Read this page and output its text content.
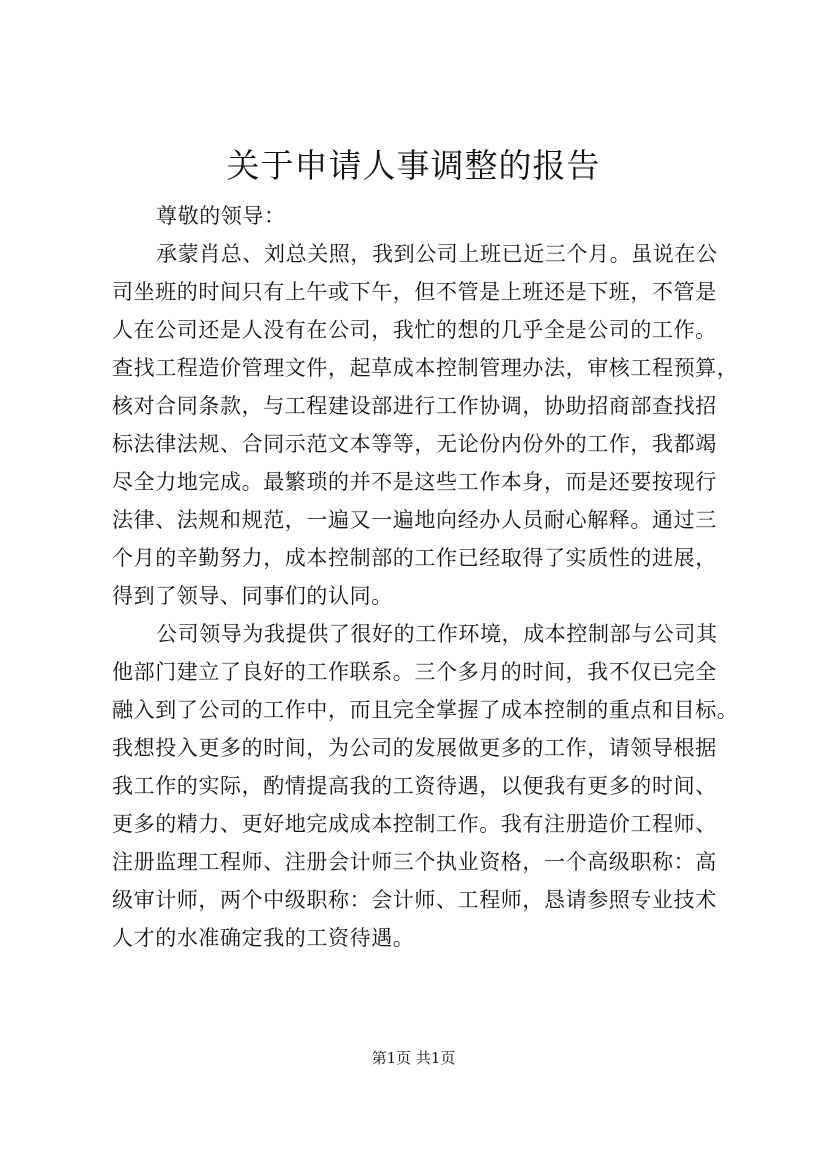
关于申请人事调整的报告
尊敬的领导：
承蒙肖总、刘总关照，我到公司上班已近三个月。虽说在公
司坐班的时间只有上午或下午，但不管是上班还是下班，不管是
人在公司还是人没有在公司，我忙的想的几乎全是公司的工作。
查找工程造价管理文件，起草成本控制管理办法，审核工程预算，
核对合同条款，与工程建设部进行工作协调，协助招商部查找招
标法律法规、合同示范文本等等，无论份内份外的工作，我都竭
尽全力地完成。最繁琐的并不是这些工作本身，而是还要按现行
法律、法规和规范，一遍又一遍地向经办人员耐心解释。通过三
个月的辛勤努力，成本控制部的工作已经取得了实质性的进展，
得到了领导、同事们的认同。
公司领导为我提供了很好的工作环境，成本控制部与公司其
他部门建立了良好的工作联系。三个多月的时间，我不仅已完全
融入到了公司的工作中，而且完全掌握了成本控制的重点和目标。
我想投入更多的时间，为公司的发展做更多的工作，请领导根据
我工作的实际，酌情提高我的工资待遇，以便我有更多的时间、
更多的精力、更好地完成成本控制工作。我有注册造价工程师、
注册监理工程师、注册会计师三个执业资格，一个高级职称：高
级审计师，两个中级职称：会计师、工程师，恳请参照专业技术
人才的水准确定我的工资待遇。
第1页 共1页
